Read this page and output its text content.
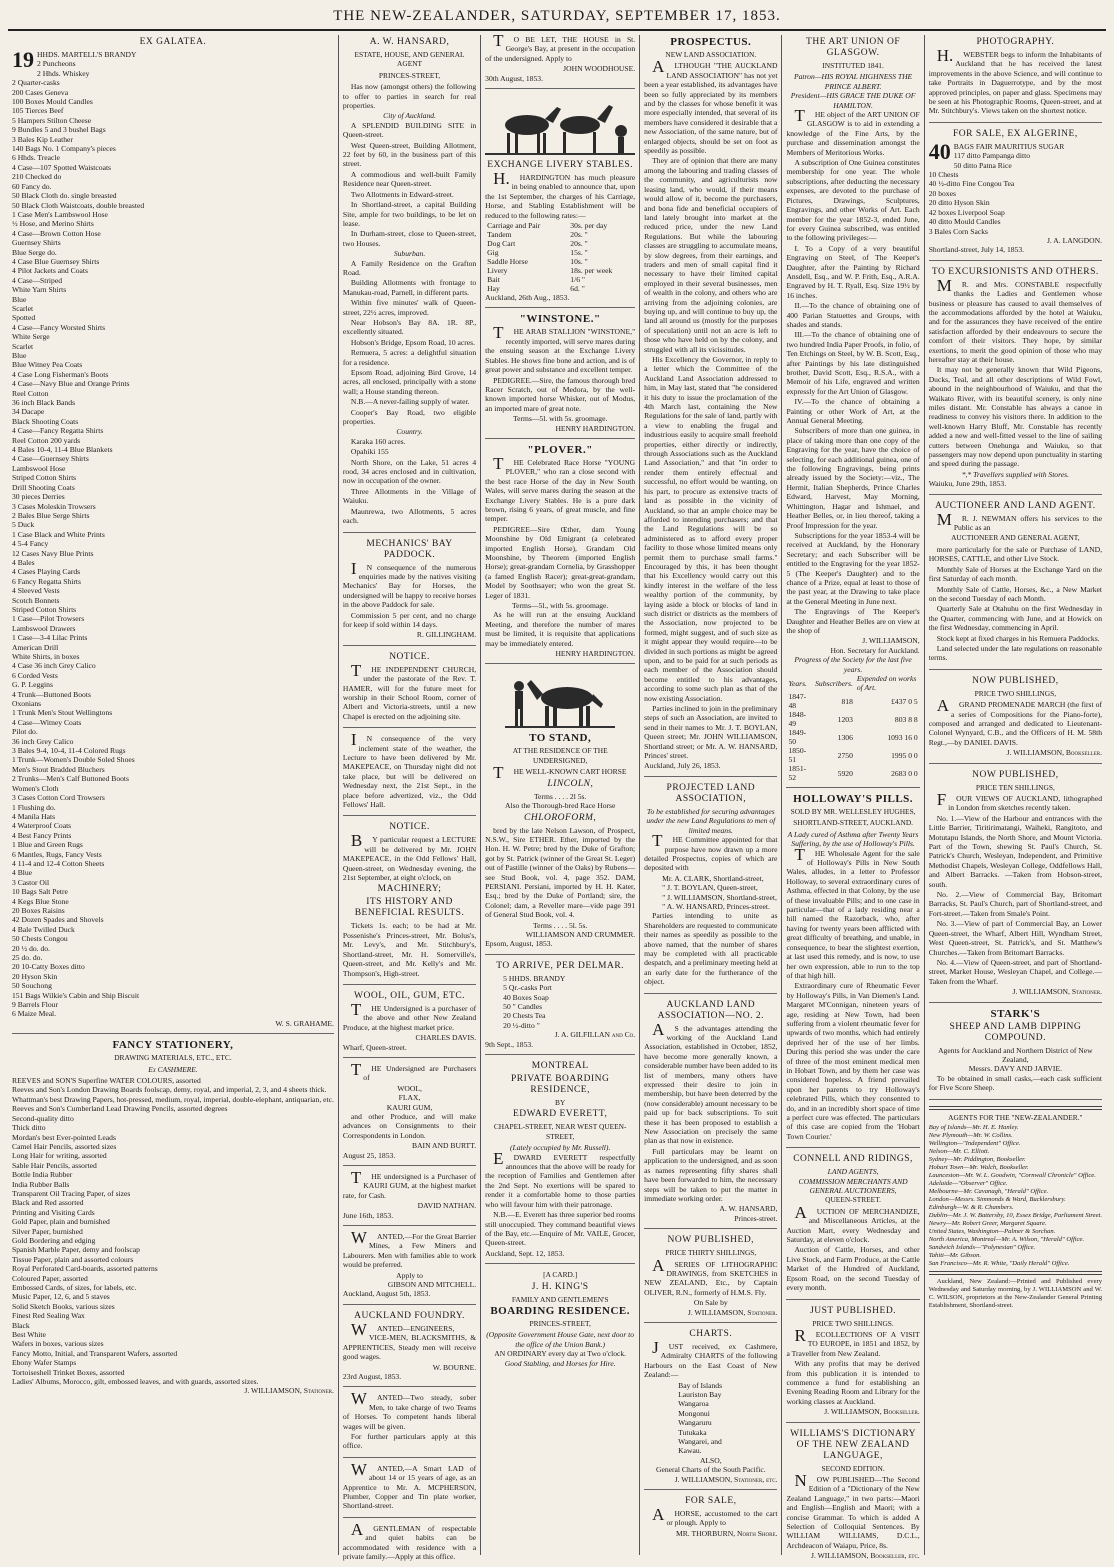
THE NEW-ZEALANDER, SATURDAY, SEPTEMBER 17, 1853.
EX GALATEA.
19 HHDS. MARTELL'S BRANDY
2 Puncheons
2 Hhds. Whiskey
2 Quarter-casks
200 Cases Geneva
100 Boxes Mould Candles
105 Tierces Beef
5 Hampers Stilton Cheese
9 Bundles 5 and 3 bushel Bags
3 Bales Kip Leather
140 Bags No. 1 Company's pieces
6 Hhds. Treacle
4 Case—107 Spotted Waistcoats
210 Checked do
60 Fancy do.
50 Black Cloth do. single breasted
50 Black Cloth Waistcoats, double breasted
1 Case Men's Lambswool Hose
½ Hose, and Merino Shirts
4 Case—Brown Cotton Hose
Guernsey Shirts
Blue Serge do.
4 Case Blue Guernsey Shirts
4 Pilot Jackets and Coats
4 Case—Striped
White Yarn Shirts
Blue
Scarlet
Spotted
4 Case—Fancy Worsted Shirts
White Serge
Scarlet
Blue
Blue Witney Pea Coats
4 Case Long Fisherman's Boots
4 Case—Navy Blue and Orange Prints
Reel Cotton
36 inch Black Bands
34 Dacape
Black Shooting Coats
4 Case—Fancy Regatta Shirts
Reel Cotton 200 yards
4 Bales 10-4, 11-4 Blue Blankets
4 Case—Guernsey Shirts
Lambswool Hose
Striped Cotton Shirts
Drill Shooting Coats
30 pieces Derries
3 Cases Moleskin Trowsers
2 Bales Blue Serge Shirts
5 Duck
1 Case Black and White Prints
4 5-4 Fancy
12 Cases Navy Blue Prints
4 Bales
4 Cases Playing Cards
6 Fancy Regatta Shirts
4 Sleeved Vests
Scotch Bonnets
Striped Cotton Shirts
1 Case—Pilot Trowsers
Lambswool Drawers
1 Case—3-4 Lilac Prints
American Drill
White Shirts, in boxes
4 Case 36 inch Grey Calico
6 Corded Vests
G. P. Leggins
4 Trunk—Buttoned Boots
Oxonians
1 Trunk Men's Stout Wellingtons
4 Case—Witney Coats
Pilot do.
36 inch Grey Calico
3 Bales 9-4, 10-4, 11-4 Colored Rugs
1 Trunk—Women's Double Soled Shoes
Men's Stout Bradded Bluchers
2 Trunks—Men's Calf Buttoned Boots
Women's Cloth
3 Cases Cotton Cord Trowsers
1 Flushing do.
4 Manila Hats
4 Waterproof Coats
4 Best Fancy Prints
1 Blue and Green Rugs
6 Mantles, Rugs, Fancy Vests
4 11-4 and 12-4 Cotton Sheets
4 Blue
3 Castor Oil
10 Bags Salt Petre
4 Kegs Blue Stone
20 Boxes Raisins
42 Dozen Spades and Shovels
4 Bale Twilled Duck
50 Chests Congou
20 ½ do. do.
25 do. do.
20 10-Catty Boxes ditto
20 Hyson Skin
50 Souchong
151 Bags Wilkie's Cabin and Ship Biscuit
9 Barrels Flour
6 Maize Meal.
W. S. GRAHAME.
FANCY STATIONERY,
DRAWING MATERIALS, ETC., ETC.
Ex CASHMERE.
REEVES and SON'S Superfine WATER COLOURS, assorted
Reeves and Son's London Drawing Boards foolscap, demy, royal, and imperial, 2, 3, and 4 sheets thick.
Whattman's best Drawing Papers, hot-pressed, medium, royal, imperial, double-elephant, antiquarian, etc.
Reeves and Son's Cumberland Lead Drawing Pencils, assorted degrees
Second-quality ditto
Thick ditto
Mordan's best Ever-pointed Leads
Camel Hair Pencils, assorted sizes
Long Hair for writing, assorted
Sable Hair Pencils, assorted
Bottle India Rubber
India Rubber Balls
Transparent Oil Tracing Paper, of sizes
Black and Red assorted
Printing and Visiting Cards
Gold Paper, plain and burnished
Silver Paper, burnished
Gold Bordering and edging
Spanish Marble Paper, demy and foolscap
Tissue Paper, plain and assorted colours
Royal Perforated Card-boards, assorted patterns
Coloured Paper, assorted
Embossed Cards, of sizes, for labels, etc.
Music Paper, 12, 6, and 5 staves
Solid Sketch Books, various sizes
Finest Red Sealing Wax
Black
Best White
Wafers in boxes, various sizes
Fancy Motto, Initial, and Transparent Wafers, assorted
Ebony Wafer Stamps
Tortoiseshell Trinket Boxes, assorted
Ladies' Albums, Morocco, gilt, embossed leaves, and with guards, assorted sizes.
J. WILLIAMSON, Stationer.
A. W. HANSARD,
ESTATE, HOUSE, AND GENERAL AGENT
PRINCES-STREET,

Has now (amongst others) the following to offer to parties in search for real properties.

City of Auckland.

A SPLENDID BUILDING SITE in Queen-street.

West Queen-street, Building Allotment, 22 feet by 60, in the business part of this street.

A commodious and well-built Family Residence near Queen-street.

Two Allotments in Edward-street.

In Shortland-street, a capital Building Site, ample for two buildings, to be let on lease.

In Durham-street, close to Queen-street, two Houses.

Suburban.

A Family Residence on the Grafton Road.

Building Allotments with frontage to Manukau-road, Parnell, in different parts.

Within five minutes' walk of Queen-street, 22½ acres, improved.

Near Hobson's Bay 8A. 1R. 8P., excellently situated.

Hobson's Bridge, Epsom Road, 10 acres.

Remuera, 5 acres: a delightful situation for a residence.

Epsom Road, adjoining Bird Grove, 14 acres, all enclosed, principally with a stone wall; a House standing thereon.

N.B.—A never-failing supply of water.

Cooper's Bay Road, two eligible properties.

Country.

Karaka 160 acres.

Opahiki 155

North Shore, on the Lake, 51 acres 4 rood, 34 acres enclosed and in cultivation, now in occupation of the owner.

Three Allotments in the Village of Waiuku.

Maunrewa, two Allotments, 5 acres each.

MECHANICS' BAY PADDOCK.

IN consequence of the numerous enquiries made by the natives visiting Mechanics' Bay for Horses, the undersigned will be happy to receive horses in the above Paddock for sale.

Commission 5 per cent, and no charge for keep if sold within 14 days.

R. GILLINGHAM.
NOTICE.

THE INDEPENDENT CHURCH, under the pastorate of the Rev. T. HAMER, will for the future meet for worship in their School Room, corner of Albert and Victoria-streets, until a new Chapel is erected on the adjoining site.

IN consequence of the very inclement state of the weather, the Lecture to have been delivered by Mr. MAKEPEACE, on Thursday night did not take place, but will be delivered on Wednesday next, the 21st Sept., in the place before advertized, viz., the Odd Fellows' Hall.

NOTICE.

BY particular request a LECTURE will be delivered by Mr. JOHN MAKEPEACE, in the Odd Fellows' Hall, Queen-street, on Wednesday evening, the 21st September, at eight o'clock, on

MACHINERY;
ITS HISTORY AND BENEFICIAL RESULTS.

Tickets 1s. each; to be had at Mr. Possenishe's Princes-street, Mr. Bolus's, Mr. Levy's, and Mr. Stitchbury's, Shortland-street, Mr. H. Somerville's, Queen-street, and Mr. Kelly's and Mr. Thompson's, High-street.

WOOL, OIL, GUM, ETC.

THE Undersigned is a purchaser of the above and other New Zealand Produce, at the highest market price.

CHARLES DAVIS.
Wharf, Queen-street.

THE Undersigned are Purchasers of

WOOL,
FLAX,
KAURI GUM,

and other Produce, and will make advances on Consignments to their Correspondents in London.

BAIN AND BURTT.
August 25, 1853.

THE undersigned is a Purchaser of KAURI GUM, at the highest market rate, for Cash.

DAVID NATHAN.
June 16th, 1853.

WANTED,—For the Great Barrier Mines, a Few Miners and Labourers. Men with families able to work would be preferred.

Apply to
GIBSON AND MITCHELL.
Auckland, August 5th, 1853.
AUCKLAND FOUNDRY.

WANTED—ENGINEERS, VICE-MEN, BLACKSMITHS, & APPRENTICES, Steady men will receive good wages.

W. BOURNE.
23rd August, 1853.

WANTED—Two steady, sober Men, to take charge of two Teams of Horses. To competent hands liberal wages will be given.

For further particulars apply at this office.

WANTED,—A Smart LAD of about 14 or 15 years of age, as an Apprentice to Mr. A. MCPHERSON, Plumber, Copper and Tin plate worker, Shortland-street.

AGENTLEMAN of respectable and quiet habits can be accommodated with residence with a private family.—Apply at this office.

TO BE LET, THE HOUSE in St. George's Bay, at present in the occupation of the undersigned. Apply to

JOHN WOODHOUSE.
30th August, 1853.
EXCHANGE LIVERY STABLES.

H.HARDINGTON has much pleasure in being enabled to announce that, upon the 1st September, the charges of his Carriage, Horse, and Stabling Establishment will be reduced to the following rates:—

Carriage and Pair	30s. per day
Tandem	20s. "
Dog Cart	20s. "
Gig	15s. "
Saddle Horse	10s. "
Livery	18s. per week
Bait	1/6 "
Hay	6d. "
Auckland, 26th Aug., 1853.
"WINSTONE."

THE ARAB STALLION "WINSTONE," recently imported, will serve mares during the ensuing season at the Exchange Livery Stables. He shows fine bone and action, and is of great power and substance and excellent temper.

PEDIGREE.—Sire, the famous thorough bred Racer Scratch, out of Medora, by the well-known imported horse Whisker, out of Modus, an imported mare of great note.

Terms—5l. with 5s. groomage.
HENRY HARDINGTON.
"PLOVER."

THE Celebrated Race Horse "YOUNG PLOVER," who ran a close second with the best race Horse of the day in New South Wales, will serve mares during the season at the Exchange Livery Stables. He is a pure dark brown, rising 6 years, of great muscle, and fine temper.

PEDIGREE—Sire Œther, dam Young Moonshine by Old Emigrant (a celebrated imported English Horse), Grandam Old Moonshine, by Theorem (imported English Horse); great-grandam Cornelia, by Grasshopper (a famed English Racer); great-great-grandam, Model by Soothsayer; who won the great St. Leger of 1831.

Terms—5l., with 5s. groomage.

As he will run at the ensuing Auckland Meeting, and therefore the number of mares must be limited, it is requisite that applications may be immediately entered.

HENRY HARDINGTON.
TO STAND,
AT THE RESIDENCE OF THE UNDERSIGNED,

THE WELL-KNOWN CART HORSE

LINCOLN,
Terms . . . . 2l 5s.
Also the Thorough-bred Race Horse
CHLOROFORM,

bred by the late Nelson Lawson, of Prospect, N.S.W., Sire ETHER. Ether, imported by the Hon. H. W. Petre; bred by the Duke of Grafton; got by St. Patrick (winner of the Great St. Leger) out of Pastille (winner of the Oaks) by Rubens—see Stud Book, vol. 4, page 352. DAM, PERSIANI. Persiani, imported by H. H. Kater, Esq.; bred by the Duke of Portland; sire, the Colonel; dam, a Reveller mare—vide page 391 of General Stud Book, vol. 4.

Terms . . . . 5l. 5s.
WILLIAMSON AND CRUMMER.
Epsom, August, 1853.
TO ARRIVE, PER DELMAR.
5 HHDS. BRANDY
5 Qr.-casks Port
40 Boxes Soap
50 " Candles
20 Chests Tea
20 ½-ditto "
J. A. GILFILLAN and Co.
9th Sept., 1853.
MONTREAL
PRIVATE BOARDING RESIDENCE,
BY
EDWARD EVERETT,
CHAPEL-STREET, NEAR WEST QUEEN-STREET,
(Lately occupied by Mr. Russell).

EDWARD EVERETT respectfully announces that the above will be ready for the reception of Families and Gentlemen after the 2nd Sept. No exertions will be spared to render it a comfortable home to those parties who will favour him with their patronage.

N.B.—E. Everett has three superior bed rooms still unoccupied. They command beautiful views of the Bay, etc.—Enquire of Mr. VAILE, Grocer, Queen-street.

Auckland, Sept. 12, 1853.
[A CARD.]
J. H. KING'S
FAMILY AND GENTLEMEN'S
BOARDING RESIDENCE.
PRINCES-STREET,
(Opposite Government House Gate, next door to the office of the Union Bank.)
AN ORDINARY every day at Two o'clock.
Good Stabling, and Horses for Hire.
PROSPECTUS.
NEW LAND ASSOCIATION.

ALTHOUGH "THE AUCKLAND LAND ASSOCIATION" has not yet been a year established, its advantages have been so fully appreciated by its members and by the classes for whose benefit it was more especially intended, that several of its members have considered it desirable that a new Association, of the same nature, but of enlarged objects, should be set on foot as speedily as possible.

They are of opinion that there are many among the labouring and trading classes of the community, and agriculturists now leasing land, who would, if their means would allow of it, become the purchasers, and bona fide and beneficial occupiers of land lately brought into market at the reduced price, under the new Land Regulations. But while the labouring classes are struggling to accumulate means, by slow degrees, from their earnings, and traders and men of small capital find it necessary to have their limited capital employed in their several businesses, men of wealth in the colony, and others who are arriving from the adjoining colonies, are buying up, and will continue to buy up, the land all around us (mostly for the purposes of speculation) until not an acre is left to those who have held on by the colony, and struggled with all its vicissitudes.

His Excellency the Governor, in reply to a letter which the Committee of the Auckland Land Association addressed to him, in May last, stated that "he considered it his duty to issue the proclamation of the 4th March last, containing the New Regulations for the sale of land, partly with a view to enabling the frugal and industrious easily to acquire small freehold properties, either directly or indirectly, through Associations such as the Auckland Land Association," and that "in order to render them entirely effectual and successful, no effort would be wanting, on his part, to procure as extensive tracts of land as possible in the vicinity of Auckland, so that an ample choice may be afforded to intending purchasers; and that the Land Regulations will be so administered as to afford every proper facility to those whose limited means only permit them to purchase small farms." Encouraged by this, it has been thought that his Excellency would carry out this kindly interest in the welfare of the less wealthy portion of the community, by laying aside a block or blocks of land in such district or districts as the members of the Association, now projected to be formed, might suggest, and of such size as it might appear they would require—to be divided in such portions as might be agreed upon, and to be paid for at such periods as each member of the Association should become entitled to his advantages, according to some such plan as that of the now existing Association.

Parties inclined to join in the preliminary steps of such an Association, are invited to send in their names to Mr. J. T. BOYLAN, Queen street; Mr. JOHN WILLIAMSON, Shortland street; or Mr. A. W. HANSARD, Princes' street.

Auckland, July 26, 1853.
PROJECTED LAND ASSOCIATION,
To be established for securing advantages under the new Land Regulations to men of limited means.

THE Committee appointed for that purpose have now drawn up a more detailed Prospectus, copies of which are deposited with

Mr. A. CLARK, Shortland-street,
" J. T. BOYLAN, Queen-street,
" J. WILLIAMSON, Shortland-street,
" A. W. HANSARD, Princes-street.

Parties intending to unite as Shareholders are requested to communicate their names as speedily as possible to the above named, that the number of shares may be completed with all practicable despatch, and a preliminary meeting held at an early date for the furtherance of the object.

AUCKLAND LAND ASSOCIATION—NO. 2.

AS the advantages attending the working of the Auckland Land Association, established in October, 1852, have become more generally known, a considerable number have been added to its list of members, many others have expressed their desire to join in membership, but have been deterred by the (now considerable) amount necessary to be paid up for back subscriptions. To suit these it has been proposed to establish a New Association on precisely the same plan as that now in existence.

Full particulars may be learnt on application to the undersigned, and as soon as names representing fifty shares shall have been forwarded to him, the necessary steps will be taken to put the matter in immediate working order.

A. W. HANSARD,
Princes-street.
NOW PUBLISHED,
PRICE THIRTY SHILLINGS,

ASERIES OF LITHOGRAPHIC DRAWINGS, from SKETCHES in NEW ZEALAND, Etc., by Captain OLIVER, R.N., formerly of H.M.S. Fly.

On Sale by
J. WILLIAMSON, Stationer.
CHARTS.

JUST received, ex Cashmere, Admiralty CHARTS of the following Harbours on the East Coast of New Zealand:—

Bay of Islands
Lauriston Bay
Wangaroa
Mongonui
Wangaruru
Tutukaka
Wangarei, and
Kawau.
ALSO,
General Charts of the South Pacific.
J. WILLIAMSON, Stationer, etc.
FOR SALE,

AHORSE, accustomed to the cart or plough. Apply to

MR. THORBURN, North Shore.
THE ART UNION OF GLASGOW.
INSTITUTED 1841.
Patron—HIS ROYAL HIGHNESS THE PRINCE ALBERT.
President—HIS GRACE THE DUKE OF HAMILTON.

THE object of the ART UNION OF GLASGOW is to aid in extending a knowledge of the Fine Arts, by the purchase and dissemination amongst the Members of Meritorious Works.

A subscription of One Guinea constitutes membership for one year. The whole subscriptions, after deducting the necessary expenses, are devoted to the purchase of Pictures, Drawings, Sculptures, Engravings, and other Works of Art. Each member for the year 1852-3, ended June, for every Guinea subscribed, was entitled to the following privileges:—

I. To a Copy of a very beautiful Engraving on Steel, of The Keeper's Daughter, after the Painting by Richard Ansdell, Esq., and W. P. Frith, Esq., A.R.A. Engraved by H. T. Ryall, Esq. Size 19½ by 16 inches.

II.—To the chance of obtaining one of 400 Parian Statuettes and Groups, with shades and stands.

III.—To the chance of obtaining one of two hundred India Paper Proofs, in folio, of Ten Etchings on Steel, by W. B. Scott, Esq., after Paintings by his late distinguished brother, David Scott, Esq., R.S.A., with a Memoir of his Life, engraved and written expressly for the Art Union of Glasgow.

IV.—To the chance of obtaining a Painting or other Work of Art, at the Annual General Meeting.

Subscribers of more than one guinea, in place of taking more than one copy of the Engraving for the year, have the choice of selecting, for each additional guinea, one of the following Engravings, being prints already issued by the Society:—viz., The Hermit, Italian Shepherds, Prince Charles Edward, Harvest, May Morning, Whittington, Hagar and Ishmael, and Heather Belles, or, in lieu thereof, taking a Proof Impression for the year.

Subscriptions for the year 1853-4 will be received at Auckland, by the Honorary Secretary; and each Subscriber will be entitled to the Engraving for the year 1852-5 (The Keeper's Daughter) and to the chance of a Prize, equal at least to those of the past year, at the Drawing to take place at the General Meeting in June next.

The Engravings of The Keeper's Daughter and Heather Belles are on view at the shop of

J. WILLIAMSON,
Hon. Secretary for Auckland.
Progress of the Society for the last five years.
Years.	Subscribers.	Expended on works of Art.
1847-48	818	£437 0 5
1848-49	1203	803 8 8
1849-50	1306	1093 16 0
1850-51	2750	1995 0 0
1851-52	5920	2683 0 0
HOLLOWAY'S PILLS.
SOLD BY MR. WELLESLEY HUGHES,
SHORTLAND-STREET, AUCKLAND.
A Lady cured of Asthma after Twenty Years Suffering, by the use of Holloway's Pills.

THE Wholesale Agent for the sale of Holloway's Pills in New South Wales, alludes, in a letter to Professor Holloway, to several extraordinary cures of Asthma, effected in that Colony, by the use of these invaluable Pills; and to one case in particular—that of a lady residing near a hill named the Razorback, who, after having for twenty years been afflicted with great difficulty of breathing, and unable, in consequence, to bear the slightest exertion, at last used this remedy, and is now, to use her own expression, able to run to the top of that high hill.

Extraordinary cure of Rheumatic Fever by Holloway's Pills, in Van Diemen's Land. Margaret M'Connigan, nineteen years of age, residing at New Town, had been suffering from a violent rheumatic fever for upwards of two months, which had entirely deprived her of the use of her limbs. During this period she was under the care of three of the most eminent medical men in Hobart Town, and by them her case was considered hopeless. A friend prevailed upon her parents to try Holloway's celebrated Pills, which they consented to do, and in an incredibly short space of time a perfect cure was effected. The particulars of this case are copied from the 'Hobart Town Courier.'

CONNELL AND RIDINGS,
LAND AGENTS,
COMMISSION MERCHANTS AND GENERAL AUCTIONEERS,
QUEEN-STREET.

AUCTION OF MERCHANDIZE, and Miscellaneous Articles, at the Auction Mart, every Wednesday and Saturday, at eleven o'clock.

Auction of Cattle, Horses, and other Live Stock, and Farm Produce, at the Cattle Market of the Hundred of Auckland, Epsom Road, on the second Tuesday of every month.

JUST PUBLISHED.
PRICE TWO SHILLINGS.

RECOLLECTIONS OF A VISIT TO EUROPE, in 1851 and 1852, by a Traveller from New Zealand.

With any profits that may be derived from this publication it is intended to commence a fund for establishing an Evening Reading Room and Library for the working classes at Auckland.

J. WILLIAMSON, Bookseller.
WILLIAMS'S DICTIONARY OF THE NEW ZEALAND LANGUAGE,
SECOND EDITION.

NOW PUBLISHED—The Second Edition of a "Dictionary of the New Zealand Language," in two parts:—Maori and English—English and Maori; with a concise Grammar. To which is added A Selection of Colloquial Sentences. By WILLIAM WILLIAMS, D.C.L., Archdeacon of Waiapu, Price, 8s.

J. WILLIAMSON, Bookseller, etc.
PHOTOGRAPHY.

H.WEBSTER begs to inform the Inhabitants of Auckland that he has received the latest improvements in the above Science, and will continue to take Portraits in Daguerrotype, and by the most approved principles, on paper and glass. Specimens may be seen at his Photographic Rooms, Queen-street, and at Mr. Stitchbury's. Views taken on the shortest notice.

FOR SALE, EX ALGERINE,
40 BAGS FAIR MAURITIUS SUGAR
117 ditto Pampanga ditto
50 ditto Patna Rice
10 Chests
40 ½-ditto Fine Congou Tea
20 boxes
20 ditto Hyson Skin
42 boxes Liverpool Soap
40 ditto Mould Candles
3 Bales Corn Sacks
J. A. LANGDON.
Shortland-street, July 14, 1853.
TO EXCURSIONISTS AND OTHERS.

MR. and Mrs. CONSTABLE respectfully thanks the Ladies and Gentlemen whose business or pleasure has caused to avail themselves of the accommodations afforded by the hotel at Waiuku, and for the assurances they have received of the entire satisfaction afforded by their endeavours to secure the comfort of their visitors. They hope, by similar exertions, to merit the good opinion of those who may hereafter stay at their house.

It may not be generally known that Wild Pigeons, Ducks, Teal, and all other descriptions of Wild Fowl, abound in the neighbourhood of Waiuku, and that the Waikato River, with its beautiful scenery, is only nine miles distant. Mr. Constable has always a canoe in readiness to convey his visitors there. In addition to the well-known Harry Bluff, Mr. Constable has recently added a new and well-fitted vessel to the line of sailing cutters between Onehunga and Waiuku, so that passengers may now depend upon punctuality in starting and speed during the passage.

*,* Travellers supplied with Stores.
Waiuku, June 29th, 1853.
AUCTIONEER AND LAND AGENT.

MR. J. NEWMAN offers his services to the Public as an

AUCTIONEER AND GENERAL AGENT,

more particularly for the sale or Purchase of LAND, HORSES, CATTLE, and other Live Stock.

Monthly Sale of Horses at the Exchange Yard on the first Saturday of each month.

Monthly Sale of Cattle, Horses, &c., a New Market on the second Tuesday of each Month.

Quarterly Sale at Otahuhu on the first Wednesday in the Quarter, commencing with June, and at Howick on the first Wednesday, commencing in April.

Stock kept at fixed charges in his Remuera Paddocks.

Land selected under the late regulations on reasonable terms.

NOW PUBLISHED,
PRICE TWO SHILLINGS,

AGRAND PROMENADE MARCH (the first of a series of Compositions for the Piano-forte), composed and arranged and dedicated to Lieutenant-Colonel Wynyard, C.B., and the Officers of H. M. 58th Regt.,—by DANIEL DAVIS.

J. WILLIAMSON, Bookseller.
NOW PUBLISHED,
PRICE TEN SHILLINGS,

FOUR VIEWS OF AUCKLAND, lithographed in London from sketches recently taken.

No. 1.—View of the Harbour and entrances with the Little Barrier, Tiritirimatangi, Waiheki, Rangitoto, and Motutapu Islands, the North Shore, and Mount Victoria. Part of the Town, shewing St. Paul's Church, St. Patrick's Church, Wesleyan, Independent, and Primitive Methodist Chapels, Wesleyan College, Oddfellows Hall, and Albert Barracks. —Taken from Hobson-street, south.

No. 2.—View of Commercial Bay, Britomart Barracks, St. Paul's Church, part of Shortland-street, and Fort-street.—Taken from Smale's Point.

No. 3.—View of part of Commercial Bay, an Lower Queen-street, the Wharf, Albert Hill, Wyndham Street, West Queen-street, St. Patrick's, and St. Matthew's Churches.—Taken from Britomart Barracks.

No. 4.—View of Queen-street, and part of Shortland-street, Market House, Wesleyan Chapel, and College.—Taken from the Wharf.

J. WILLIAMSON, Stationer.
STARK'S
SHEEP AND LAMB DIPPING COMPOUND.
Agents for Auckland and Northern District of New Zealand,
Messrs. DAVY AND JARVIE.

To be obtained in small casks,—each cask sufficient for Five Score Sheep.

AGENTS FOR THE "NEW-ZEALANDER."
Bay of Islands—Mr. H. E. Hanley.
New Plymouth—Mr. W. Collins.
Wellington—"Independent" Office.
Nelson—Mr. C. Elliott.
Sydney—Mr. Piddington, Bookseller.
Hobart Town—Mr. Walch, Bookseller.
Launceston—Mr. W. L. Goodwin, "Cornwall Chronicle" Office.
Adelaide—"Observer" Office.
Melbourne—Mr. Cavanagh, "Herald" Office.
London—Messrs. Simmonds & Ward, Bucklersbury.
Edinburgh—W. & R. Chambers.
Dublin—Mr. J. W. Battersby, 10, Essex Bridge, Parliament Street.
Newry—Mr. Robert Greer, Margaret Square.
United States, Washington—Palmer & Sorchan.
North America, Montreal—Mr. A. Wilson, "Herald" Office.
Sandwich Islands—"Polynesian" Office.
Tahiti—Mr. Gibson.
San Francisco—Mr. R. White, "Daily Herald" Office.

Auckland, New Zealand:—Printed and Published every Wednesday and Saturday morning, by J. WILLIAMSON and W. C. WILSON, proprietors at the New-Zealander General Printing Establishment, Shortland-street.
